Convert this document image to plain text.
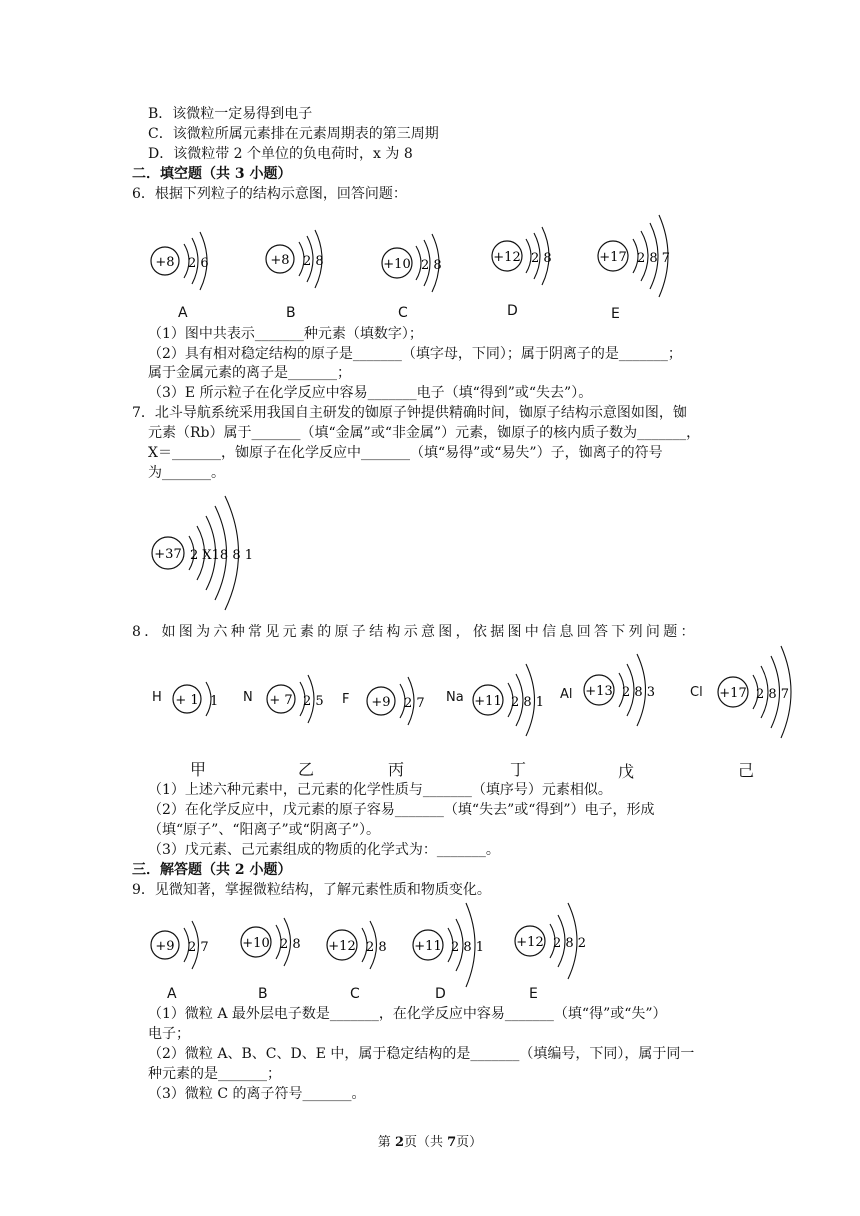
B．该微粒一定易得到电子
C．该微粒所属元素排在元素周期表的第三周期
D．该微粒带 2 个单位的负电荷时，x 为 8
二．填空题（共 3 小题）
6．根据下列粒子的结构示意图，回答问题：
+8 2 6	+8 2 8	+10 2 8
+12 2 8	+17 2 8 7
A	B	C	D	E
（1）图中共表示_______种元素（填数字）；
（2）具有相对稳定结构的原子是_______（填字母，下同）；属于阴离子的是_______；
属于金属元素的离子是_______；
（3）E 所示粒子在化学反应中容易_______电子（填“得到”或“失去”）。
7．北斗导航系统采用我国自主研发的铷原子钟提供精确时间，铷原子结构示意图如图，铷
元素（Rb）属于_______（填“金属”或“非金属”）元素，铷原子的核内质子数为_______，
X＝_______，铷原子在化学反应中_______（填“易得”或“易失”）子，铷离子的符号
为_______。
+37 2 X18 8 1
8．如图为六种常见元素的原子结构示意图，依据图中信息回答下列问题：
H + 1 1 N + 7 2 5 F +9 2 7 Na +11 2 8 1
Al +13 2 8 3	Cl +17 2 8 7
甲	乙	丙	丁	戊	己
（1）上述六种元素中，己元素的化学性质与_______（填序号）元素相似。
（2）在化学反应中，戊元素的原子容易_______（填“失去”或“得到”）电子，形成
（填“原子”、“阳离子”或“阴离子”）。
（3）戊元素、己元素组成的物质的化学式为：_______。
三．解答题（共 2 小题）
9．见微知著，掌握微粒结构，了解元素性质和物质变化。
+9 2 7	+10 2 8 +12 2 8 +11 2 8 1 +12 2 8 2
A	B	C	D	E
（1）微粒 A 最外层电子数是_______，在化学反应中容易_______（填“得”或“失”）
电子；
（2）微粒 A、B、C、D、E 中，属于稳定结构的是_______（填编号，下同），属于同一
种元素的是_______；
（3）微粒 C 的离子符号_______。
第 2页（共 7页）
